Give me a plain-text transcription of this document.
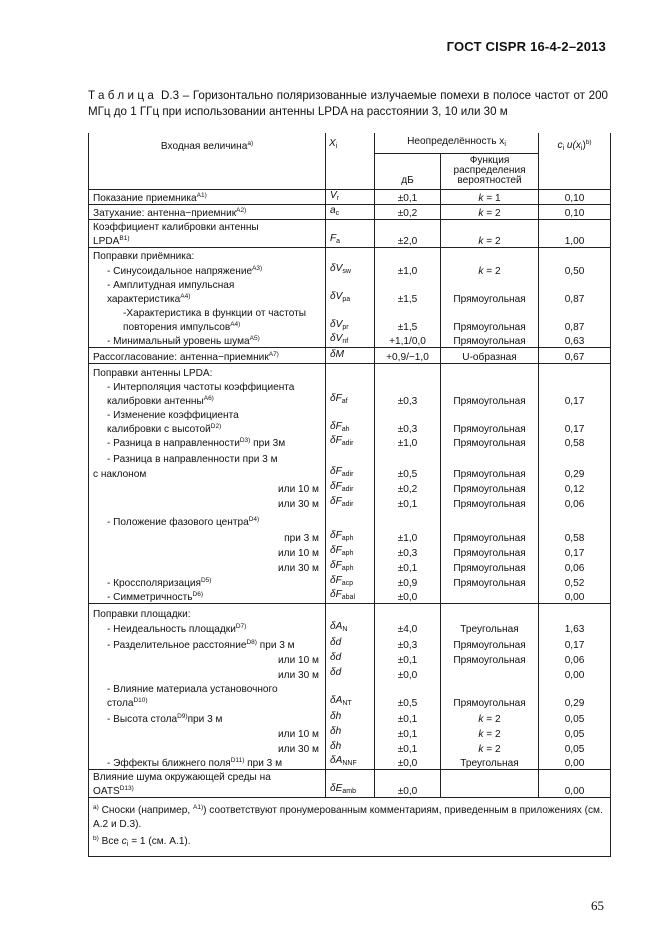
ГОСТ CISPR 16-4-2–2013
Таблица D.3 – Горизонтально поляризованные излучаемые помехи в полосе частот от 200 МГц до 1 ГГц при использовании антенны LPDA на расстоянии 3, 10 или 30 м
Входная величина$^{a)}$	$X_i$	Неопределённость $x_i$		$c_i$ $u(x_i)^{b)}$
		дБ	Функция
распределения
вероятностей	
Показание приемника$^{A1)}$	$V_r$	±0,1	k = 1	0,10
Затухание: антенна−приемник$^{A2)}$	$a_c$	±0,2	k = 2	0,10
Коэффициент калибровки антенны
$LPDA^{B1)}$	$F_a$	±2,0	k = 2	1,00
Поправки приёмника:				
- Синусоидальное напряжение$^{A3)}$	$\delta V_{sw}$	±1,0	k = 2	0,50
- Амплитудная импульсная
характеристика$^{A4)}$	$\delta V_{pa}$	±1,5	Прямоугольная	0,87
-Характеристика в функции от частоты
повторения импульсов$^{A4)}$	$\delta V_{pr}$	±1,5	Прямоугольная	0,87
- Минимальный уровень шума$^{A5)}$	$\delta V_{nf}$	+1,1/0,0	Прямоугольная	0,63
Рассогласование: антенна−приемник$^{A7)}$	δM	+0,9/−1,0	U-образная	0,67
Поправки антенны LPDA:				
- Интерполяция частоты коэффициента
калибровки антенны$^{A6)}$	$\delta F_{af}$	±0,3	Прямоугольная	0,17
- Изменение коэффициента
калибровки с высотой$^{D2)}$	$\delta F_{ah}$	±0,3	Прямоугольная	0,17
- Разница в направленности$^{D3)}$ при 3м	$\delta F_{adir}$	±1,0	Прямоугольная	0,58
- Разница в направленности при 3 м				
с наклоном	$\delta F_{adir}$	±0,5	Прямоугольная	0,29
или 10 м	$\delta F_{adir}$	±0,2	Прямоугольная	0,12
или 30 м	$\delta F_{adir}$	±0,1	Прямоугольная	0,06
- Положение фазового центра$^{D4)}$				
при 3 м	$\delta F_{aph}$	±1,0	Прямоугольная	0,58
или 10 м	$\delta F_{aph}$	±0,3	Прямоугольная	0,17
или 30 м	$\delta F_{aph}$	±0,1	Прямоугольная	0,06
- Кроссполяризация$^{D5)}$	$\delta F_{acp}$	±0,9	Прямоугольная	0,52
- Симметричность$^{D6)}$	$\delta F_{abal}$	±0,0		0,00
Поправки площадки:				
- Неидеальность площадки$^{D7)}$	$\delta A_N$	±4,0	Треугольная	1,63
- Разделительное расстояние$^{D8)}$ при 3 м	δd	±0,3	Прямоугольная	0,17
или 10 м	δd	±0,1	Прямоугольная	0,06
или 30 м	δd	±0,0		0,00
- Влияние материала установочного
стола$^{D10)}$	$\delta A_{NT}$	±0,5	Прямоугольная	0,29
- Высота стола$^{D9)}$при 3 м	δh	±0,1	k = 2	0,05
или 10 м	δh	±0,1	k = 2	0,05
или 30 м	δh	±0,1	k = 2	0,05
- Эффекты ближнего поля$^{D11)}$ при 3 м	$\delta A_{NNF}$	±0,0	Треугольная	0,00
Влияние шума окружающей среды на
$OATS^{D13)}$	$\delta E_{amb}$	±0,0		0,00

$^{a)}$ Сноски (например, $^{A1)}$) соответствуют пронумерованным комментариям, приведенным в приложениях (см. А.2 и D.3).
$^{b)}$ Все $c_i = 1$ (см. А.1).				
65
